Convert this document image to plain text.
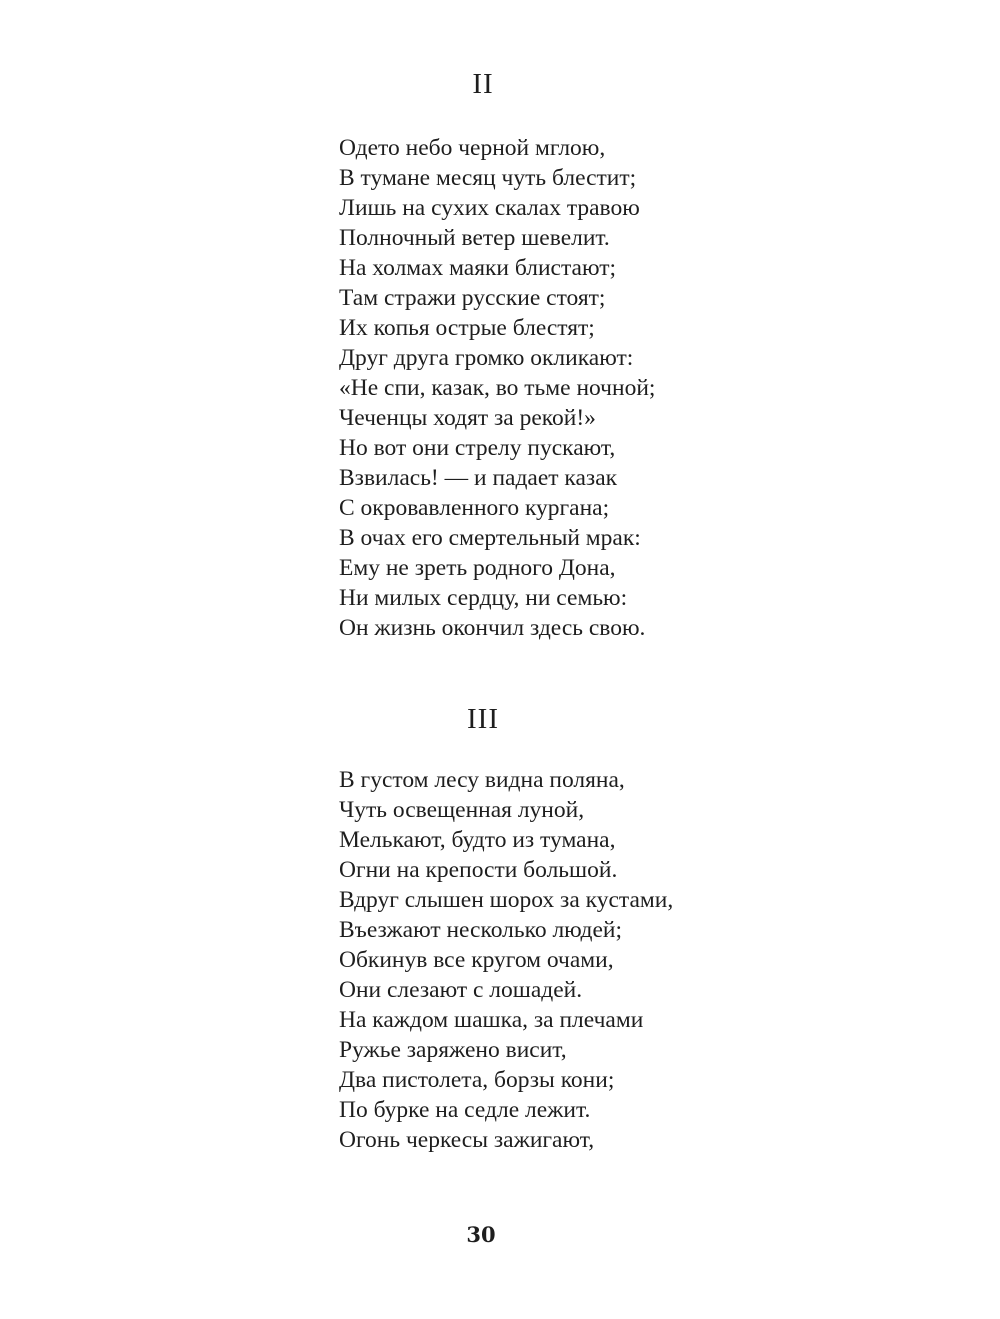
II
Одето небо черной мглою,
В тумане месяц чуть блестит;
Лишь на сухих скалах травою
Полночный ветер шевелит.
На холмах маяки блистают;
Там стражи русские стоят;
Их копья острые блестят;
Друг друга громко окликают:
«Не спи, казак, во тьме ночной;
Чеченцы ходят за рекой!»
Но вот они стрелу пускают,
Взвилась! — и падает казак
С окровавленного кургана;
В очах его смертельный мрак:
Ему не зреть родного Дона,
Ни милых сердцу, ни семью:
Он жизнь окончил здесь свою.
III
В густом лесу видна поляна,
Чуть освещенная луной,
Мелькают, будто из тумана,
Огни на крепости большой.
Вдруг слышен шорох за кустами,
Въезжают несколько людей;
Обкинув все кругом очами,
Они слезают с лошадей.
На каждом шашка, за плечами
Ружье заряжено висит,
Два пистолета, борзы кони;
По бурке на седле лежит.
Огонь черкесы зажигают,
30
